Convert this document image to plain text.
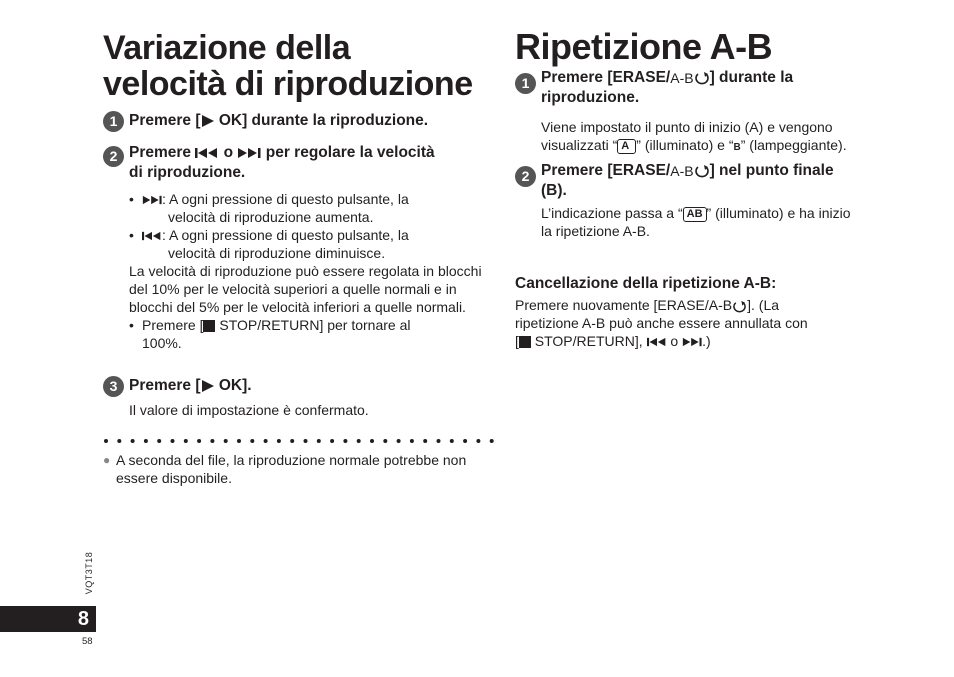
Variazione della
velocità di riproduzione
1 Premere [
OK] durante la riproduzione.
2 Premere
o
per regolare la velocità
di riproduzione.
• : A ogni pressione di questo pulsante, la
velocità di riproduzione aumenta.
• : A ogni pressione di questo pulsante, la
velocità di riproduzione diminuisce.
La velocità di riproduzione può essere regolata in blocchi del 10% per le velocità superiori a quelle normali e in blocchi del 5% per le velocità inferiori a quelle normali.
• Premere [
STOP/RETURN] per tornare al
100%.
3 Premere [
OK].
Il valore di impostazione è confermato.
● A seconda del file, la riproduzione normale potrebbe non essere disponibile.
Ripetizione A-B
1 Premere [ERASE/A-B ] durante la
riproduzione.
Viene impostato il punto di inizio (A) e vengono
visualizzati “ A ” (illuminato) e “B” (lampeggiante).
2 Premere [ERASE/A-B ] nel punto finale
(B).
L’indicazione passa a “ AB ” (illuminato) e ha inizio
la ripetizione A-B.
Cancellazione della ripetizione A-B:
Premere nuovamente [ERASE/A-B ]. (La
ripetizione A-B può anche essere annullata con
[
STOP/RETURN],
o
.)
VQT3T18
8
58
